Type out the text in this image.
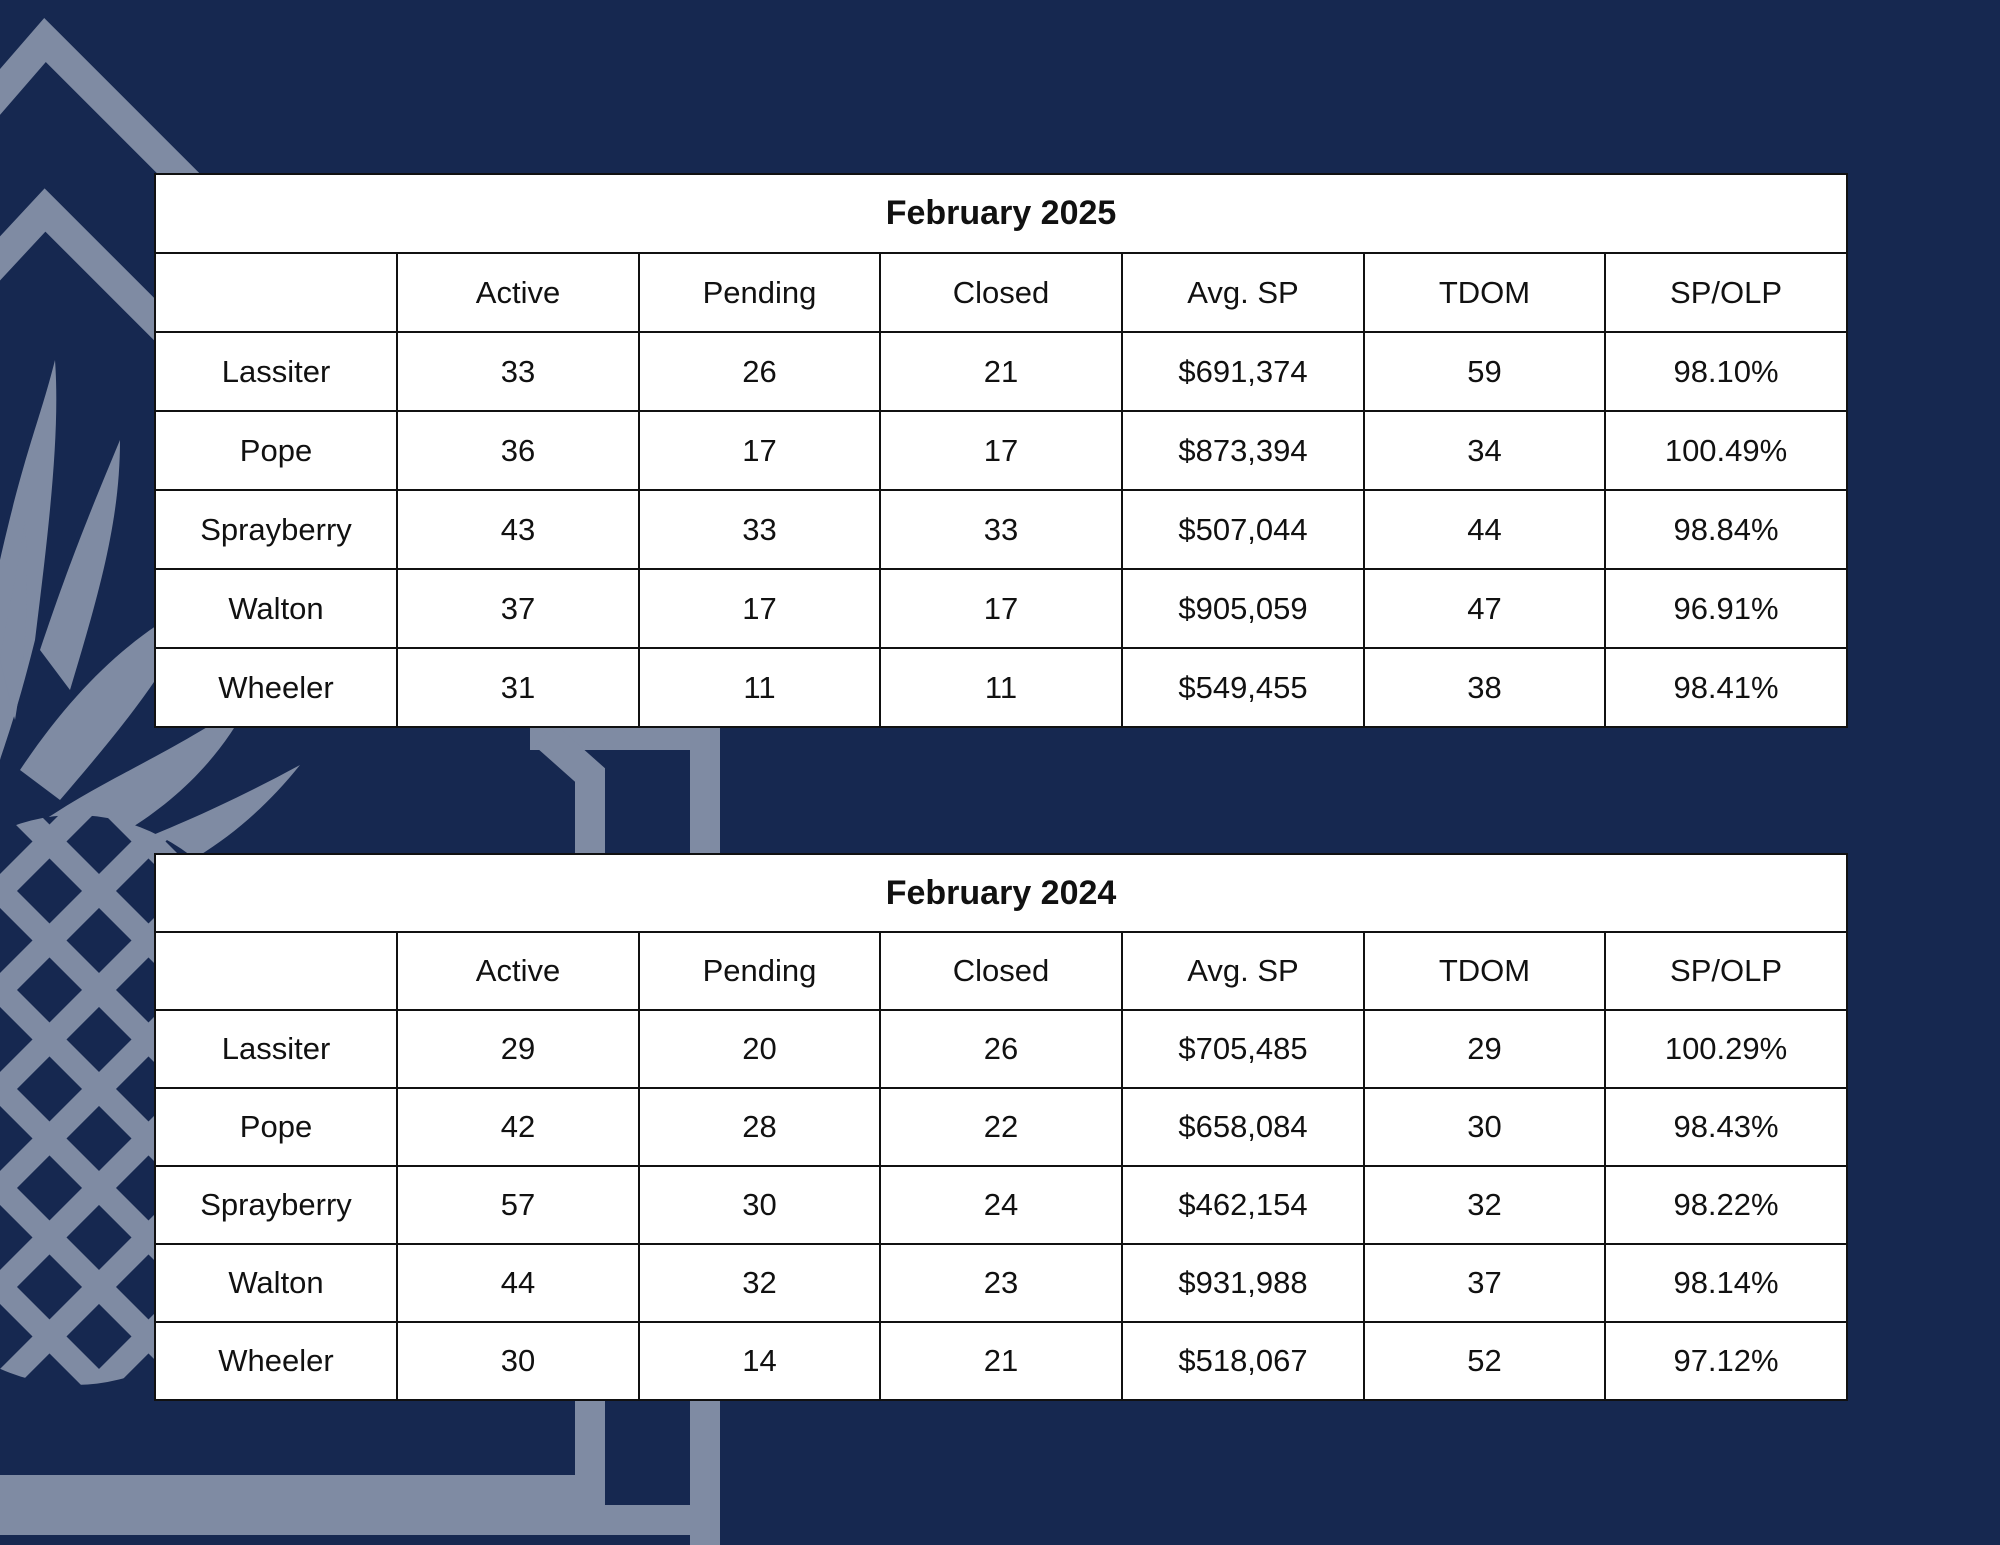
February 2025						
	Active	Pending	Closed	Avg. SP	TDOM	SP/OLP
Lassiter	33	26	21	$691,374	59	98.10%
Pope	36	17	17	$873,394	34	100.49%
Sprayberry	43	33	33	$507,044	44	98.84%
Walton	37	17	17	$905,059	47	96.91%
Wheeler	31	11	11	$549,455	38	98.41%
February 2024						
	Active	Pending	Closed	Avg. SP	TDOM	SP/OLP
Lassiter	29	20	26	$705,485	29	100.29%
Pope	42	28	22	$658,084	30	98.43%
Sprayberry	57	30	24	$462,154	32	98.22%
Walton	44	32	23	$931,988	37	98.14%
Wheeler	30	14	21	$518,067	52	97.12%
